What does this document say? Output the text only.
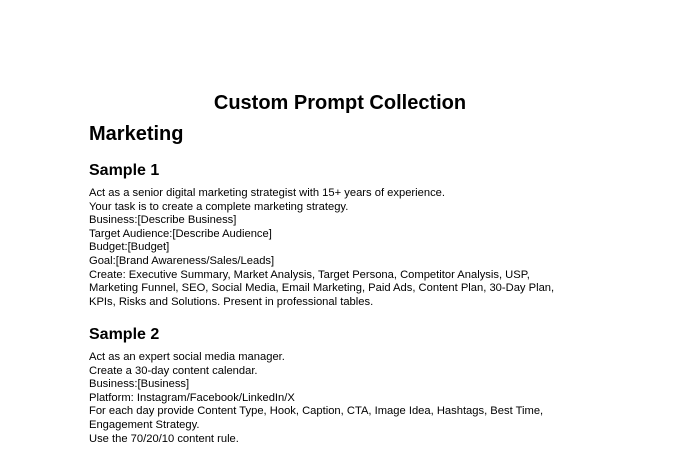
Custom Prompt Collection
Marketing
Sample 1
Act as a senior digital marketing strategist with 15+ years of experience.
Your task is to create a complete marketing strategy.
Business:[Describe Business]
Target Audience:[Describe Audience]
Budget:[Budget]
Goal:[Brand Awareness/Sales/Leads]
Create: Executive Summary, Market Analysis, Target Persona, Competitor Analysis, USP,
Marketing Funnel, SEO, Social Media, Email Marketing, Paid Ads, Content Plan, 30-Day Plan,
KPIs, Risks and Solutions. Present in professional tables.
Sample 2
Act as an expert social media manager.
Create a 30-day content calendar.
Business:[Business]
Platform: Instagram/Facebook/LinkedIn/X
For each day provide Content Type, Hook, Caption, CTA, Image Idea, Hashtags, Best Time,
Engagement Strategy.
Use the 70/20/10 content rule.
